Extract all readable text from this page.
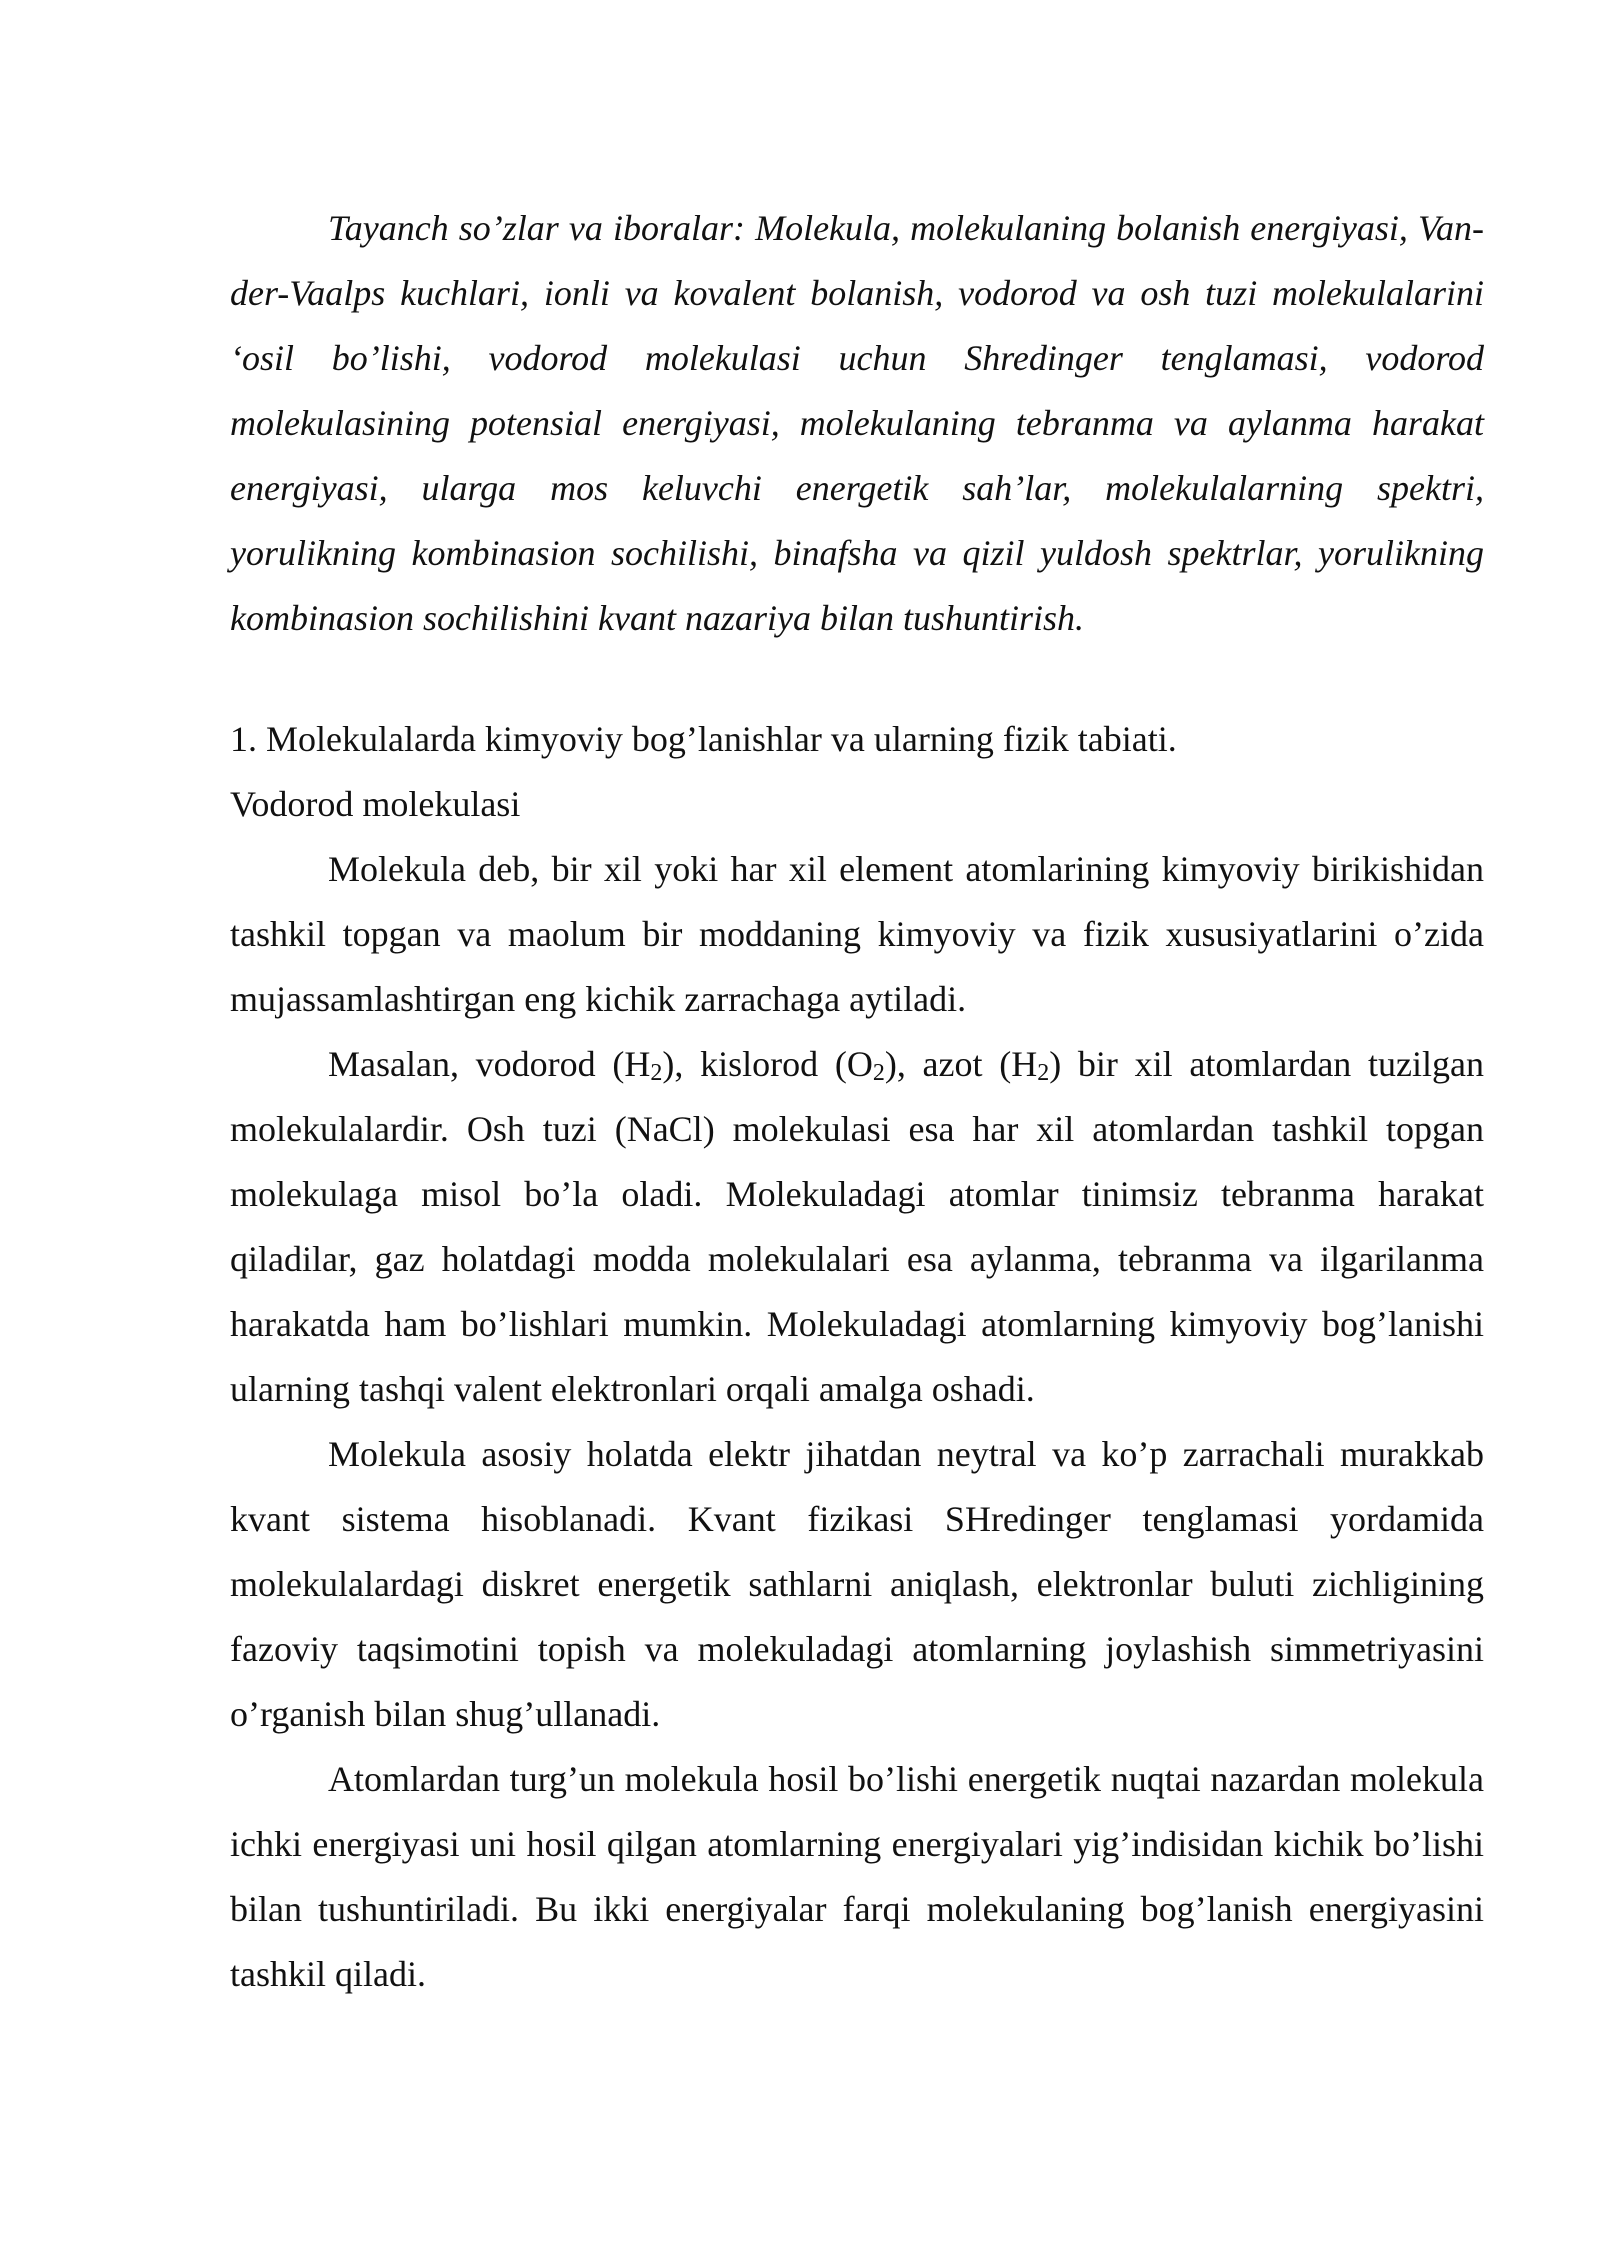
Tayanch so’zlar va iboralar: Molekula, molekulaning bolanish energiyasi, Van-der-Vaalps kuchlari, ionli va kovalent bolanish, vodorod va osh tuzi molekulalarini ‘osil bo’lishi, vodorod molekulasi uchun Shredinger tenglamasi, vodorod molekulasining potensial energiyasi, molekulaning tebranma va aylanma harakat energiyasi, ularga mos keluvchi energetik sah’lar, molekulalarning spektri, yorulikning kombinasion sochilishi, binafsha va qizil yuldosh spektrlar, yorulikning kombinasion sochilishini kvant nazariya bilan tushuntirish.

1. Molekulalarda kimyoviy bog’lanishlar va ularning fizik tabiati.

Vodorod molekulasi

Molekula deb, bir xil yoki har xil element atomlarining kimyoviy birikishidan tashkil topgan va maolum bir moddaning kimyoviy va fizik xususiyatlarini o’zida mujassamlashtirgan eng kichik zarrachaga aytiladi.

Masalan, vodorod $(H_2)$, kislorod $(O_2)$, azot $(H_2)$ bir xil atomlardan tuzilgan molekulalardir. Osh tuzi (NaCl) molekulasi esa har xil atomlardan tashkil topgan molekulaga misol bo’la oladi. Molekuladagi atomlar tinimsiz tebranma harakat qiladilar, gaz holatdagi modda molekulalari esa aylanma, tebranma va ilgarilanma harakatda ham bo’lishlari mumkin. Molekuladagi atomlarning kimyoviy bog’lanishi ularning tashqi valent elektronlari orqali amalga oshadi.

Molekula asosiy holatda elektr jihatdan neytral va ko’p zarrachali murakkab kvant sistema hisoblanadi. Kvant fizikasi SHredinger tenglamasi yordamida molekulalardagi diskret energetik sathlarni aniqlash, elektronlar buluti zichligining fazoviy taqsimotini topish va molekuladagi atomlarning joylashish simmetriyasini o’rganish bilan shug’ullanadi.

Atomlardan turg’un molekula hosil bo’lishi energetik nuqtai nazardan molekula ichki energiyasi uni hosil qilgan atomlarning energiyalari yig’indisidan kichik bo’lishi bilan tushuntiriladi. Bu ikki energiyalar farqi molekulaning bog’lanish energiyasini tashkil qiladi.
